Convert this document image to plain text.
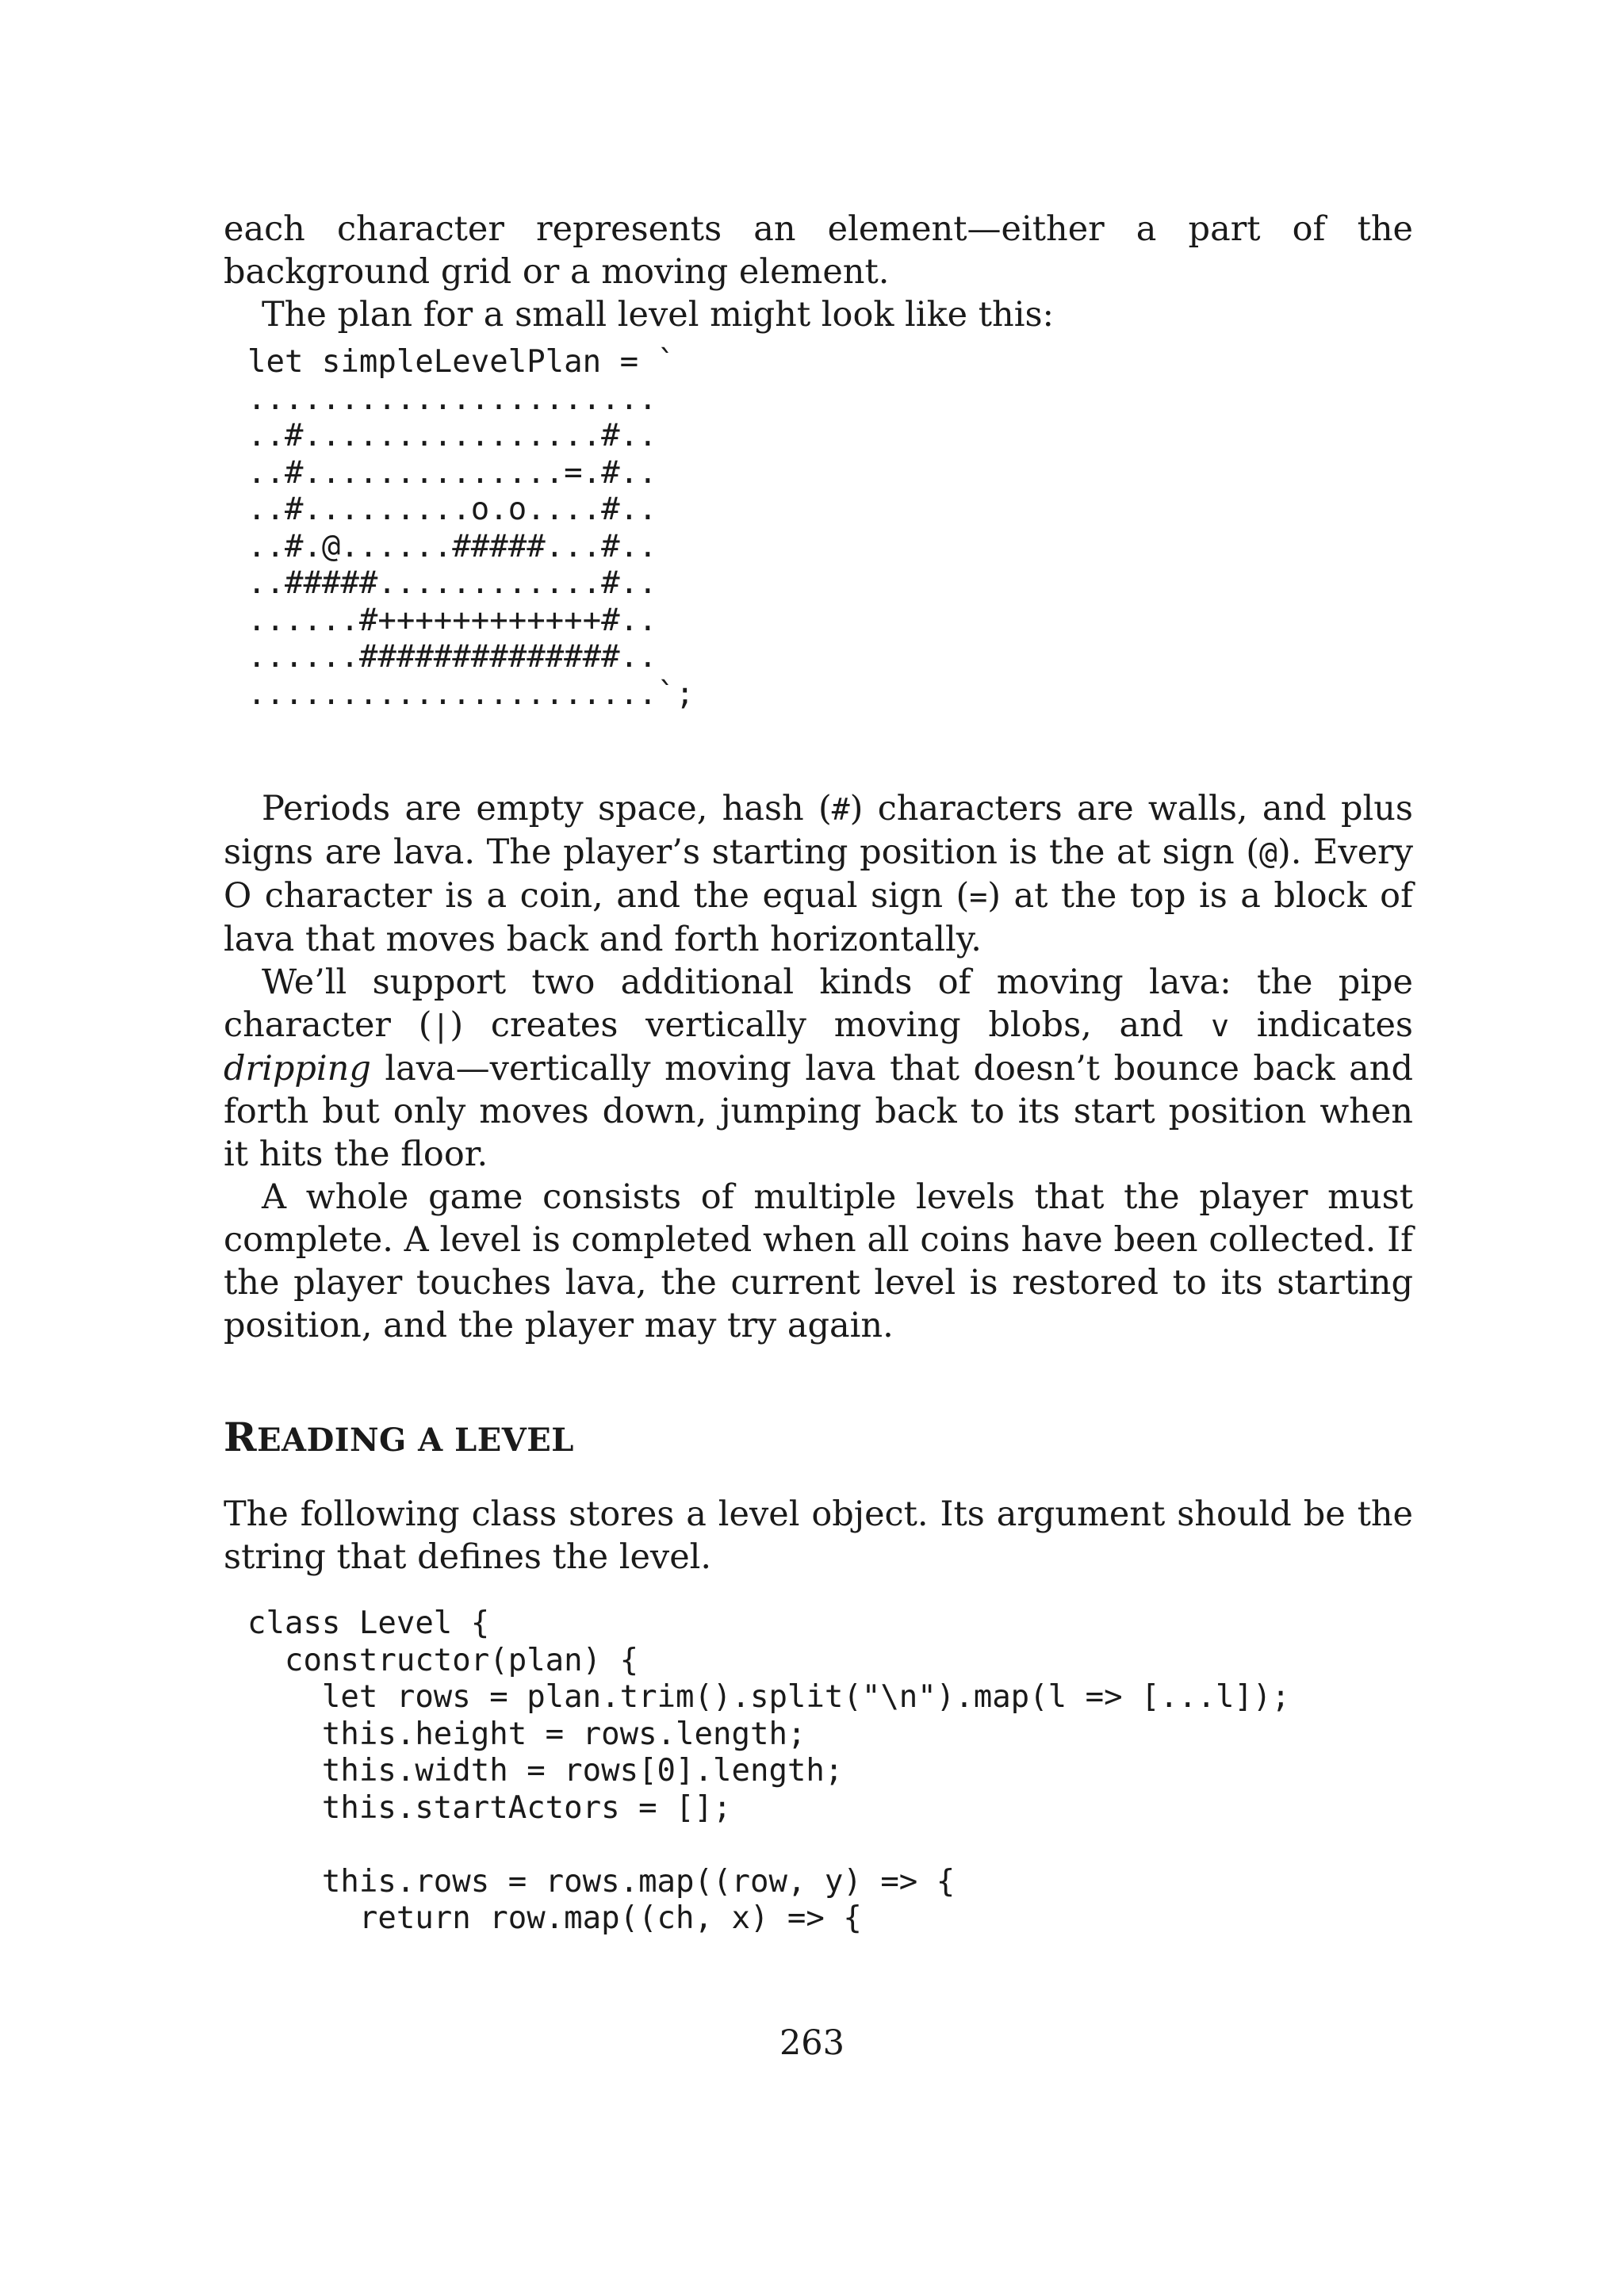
each character represents an element—either a part of the background grid or a moving element.

The plan for a small level might look like this:

let simpleLevelPlan = `
......................
..#................#..
..#..............=.#..
..#.........o.o....#..
..#.@......#####...#..
..#####............#..
......#++++++++++++#..
......##############..
......................`;

Periods are empty space, hash (#) characters are walls, and plus signs are lava. The player’s starting position is the at sign (@). Every O character is a coin, and the equal sign (=) at the top is a block of lava that moves back and forth horizontally.

We’ll support two additional kinds of moving lava: the pipe character (|) creates vertically moving blobs, and v indicates dripping lava—vertically moving lava that doesn’t bounce back and forth but only moves down, jumping back to its start position when it hits the floor.

A whole game consists of multiple levels that the player must complete. A level is completed when all coins have been collected. If the player touches lava, the current level is restored to its starting position, and the player may try again.

READING A LEVEL

The following class stores a level object. Its argument should be the string that defines the level.

class Level {
constructor(plan) {
let rows = plan.trim().split("\n").map(l => [...l]);
this.height = rows.length;
this.width = rows[0].length;
this.startActors = [];

this.rows = rows.map((row, y) => {
return row.map((ch, x) => {
263
